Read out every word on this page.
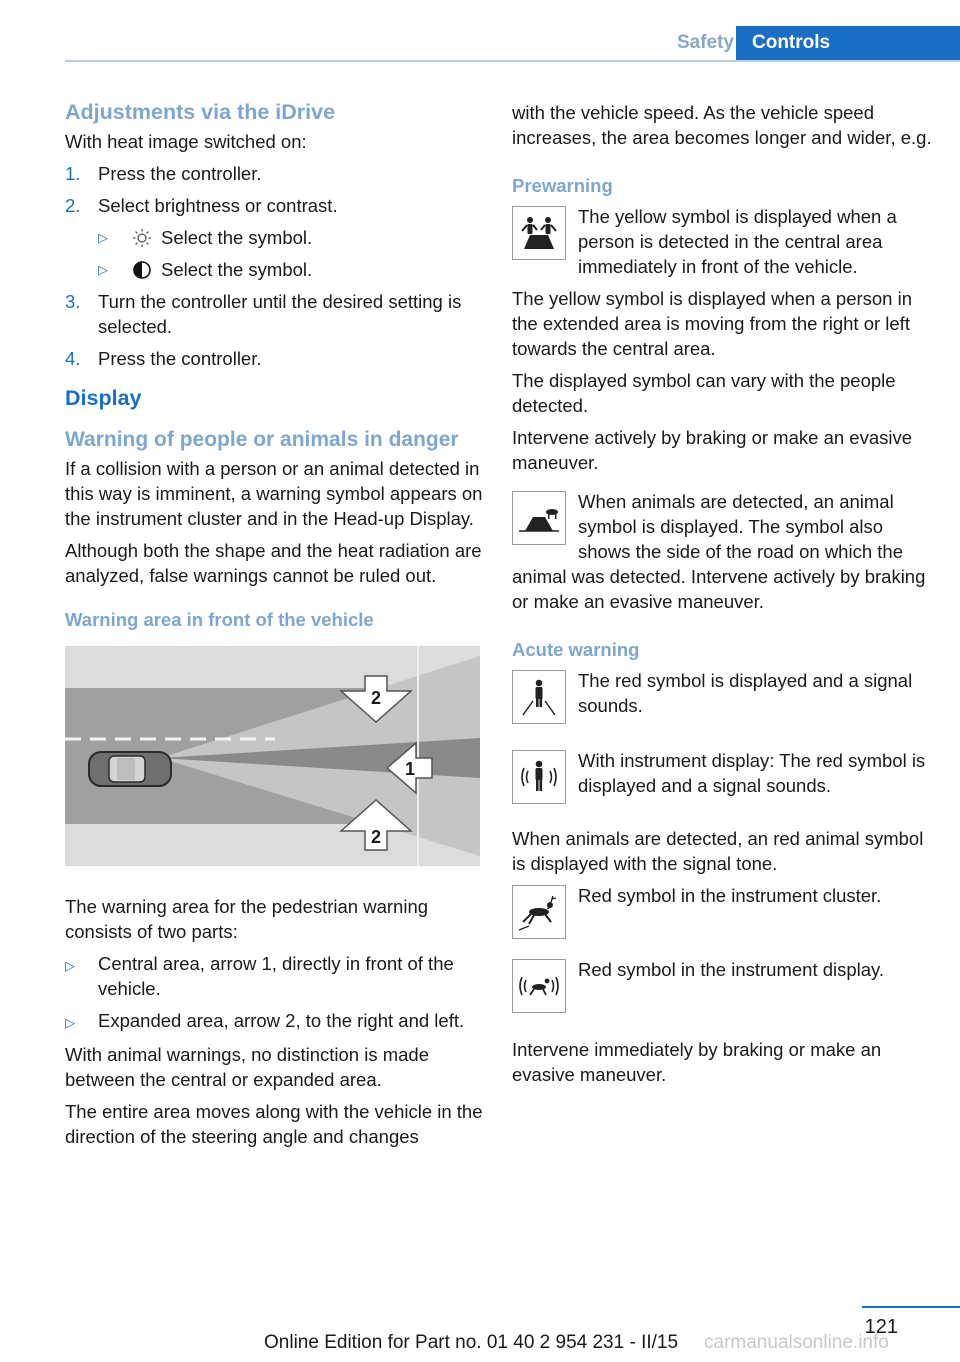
Safety Controls
Adjustments via the iDrive

With heat image switched on:

1. Press the controller.
2. Select brightness or contrast.
▷	Select the symbol.
▷	Select the symbol.
3. Turn the controller until the desired setting is selected.
4. Press the controller.
Display
Warning of people or animals in danger

If a collision with a person or an animal detected in this way is imminent, a warning symbol appears on the instrument cluster and in the Head-up Display.

Although both the shape and the heat radiation are analyzed, false warnings cannot be ruled out.

Warning area in front of the vehicle
2
1
2

The warning area for the pedestrian warning consists of two parts:

▷	Central area, arrow 1, directly in front of the vehicle.
▷	Expanded area, arrow 2, to the right and left.

With animal warnings, no distinction is made between the central or expanded area.

The entire area moves along with the vehicle in the direction of the steering angle and changes

with the vehicle speed. As the vehicle speed increases, the area becomes longer and wider, e.g.

Prewarning
The yellow symbol is displayed when a person is detected in the central area immediately in front of the vehicle.

The yellow symbol is displayed when a person in the extended area is moving from the right or left towards the central area.

The displayed symbol can vary with the people detected.

Intervene actively by braking or make an evasive maneuver.

When animals are detected, an animal symbol is displayed. The symbol also shows the side of the road on which the animal was detected. Intervene actively by braking or make an evasive maneuver.
Acute warning
The red symbol is displayed and a signal sounds.
With instrument display: The red symbol is displayed and a signal sounds.

When animals are detected, an red animal symbol is displayed with the signal tone.

Red symbol in the instrument cluster.
Red symbol in the instrument display.

Intervene immediately by braking or make an evasive maneuver.

121
Online Edition for Part no. 01 40 2 954 231 - II/15 carmanualsonline.info
